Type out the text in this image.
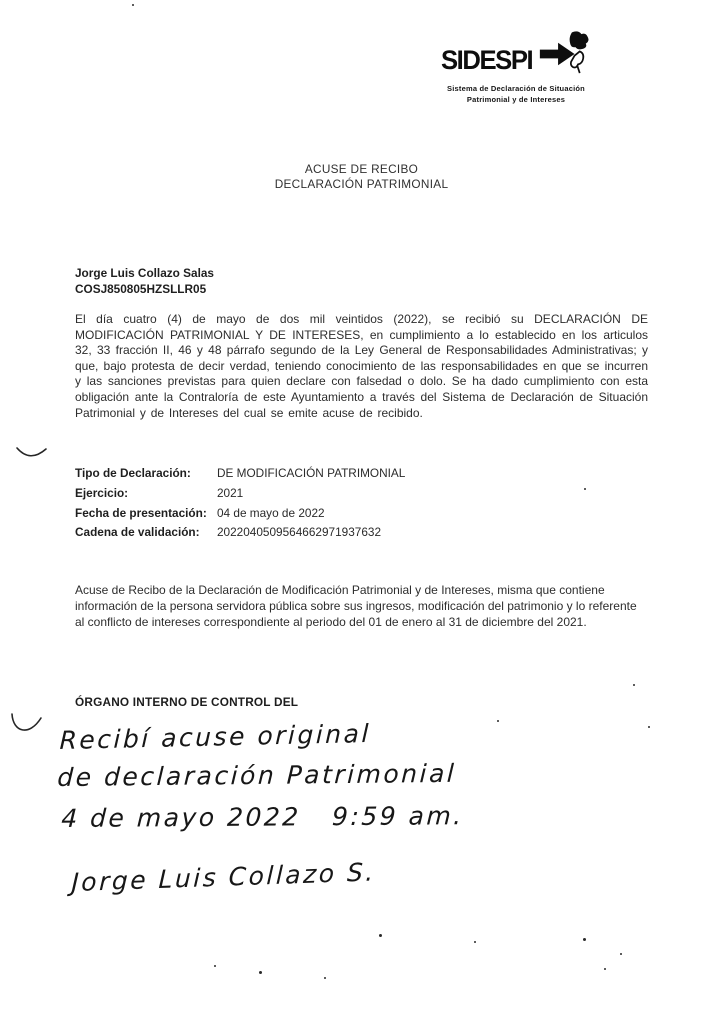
SIDESPI
Sistema de Declaración de Situación
Patrimonial y de Intereses
ACUSE DE RECIBO
DECLARACIÓN PATRIMONIAL
Jorge Luis Collazo Salas
COSJ850805HZSLLR05
El día cuatro (4) de mayo de dos mil veintidos (2022), se recibió su DECLARACIÓN DE MODIFICACIÓN PATRIMONIAL Y DE INTERESES, en cumplimiento a lo establecido en los articulos 32, 33 fracción II, 46 y 48 párrafo segundo de la Ley General de Responsabilidades Administrativas; y que, bajo protesta de decir verdad, teniendo conocimiento de las responsabilidades en que se incurren y las sanciones previstas para quien declare con falsedad o dolo. Se ha dado cumplimiento con esta obligación ante la Contraloría de este Ayuntamiento a través del Sistema de Declaración de Situación Patrimonial y de Intereses del cual se emite acuse de recibido.
Tipo de Declaración:	DE MODIFICACIÓN PATRIMONIAL
Ejercicio:	2021
Fecha de presentación: 04 de mayo de 2022
Cadena de validación:	2022040509564662971937632
Acuse de Recibo de la Declaración de Modificación Patrimonial y de Intereses, misma que contiene información de la persona servidora pública sobre sus ingresos, modificación del patrimonio y lo referente al conflicto de intereses correspondiente al periodo del 01 de enero al 31 de diciembre del 2021.
ÓRGANO INTERNO DE CONTROL DEL
Recibí acuse original
de declaración Patrimonial
4 de mayo 2022   9:59 am.
Jorge Luis Collazo S.
